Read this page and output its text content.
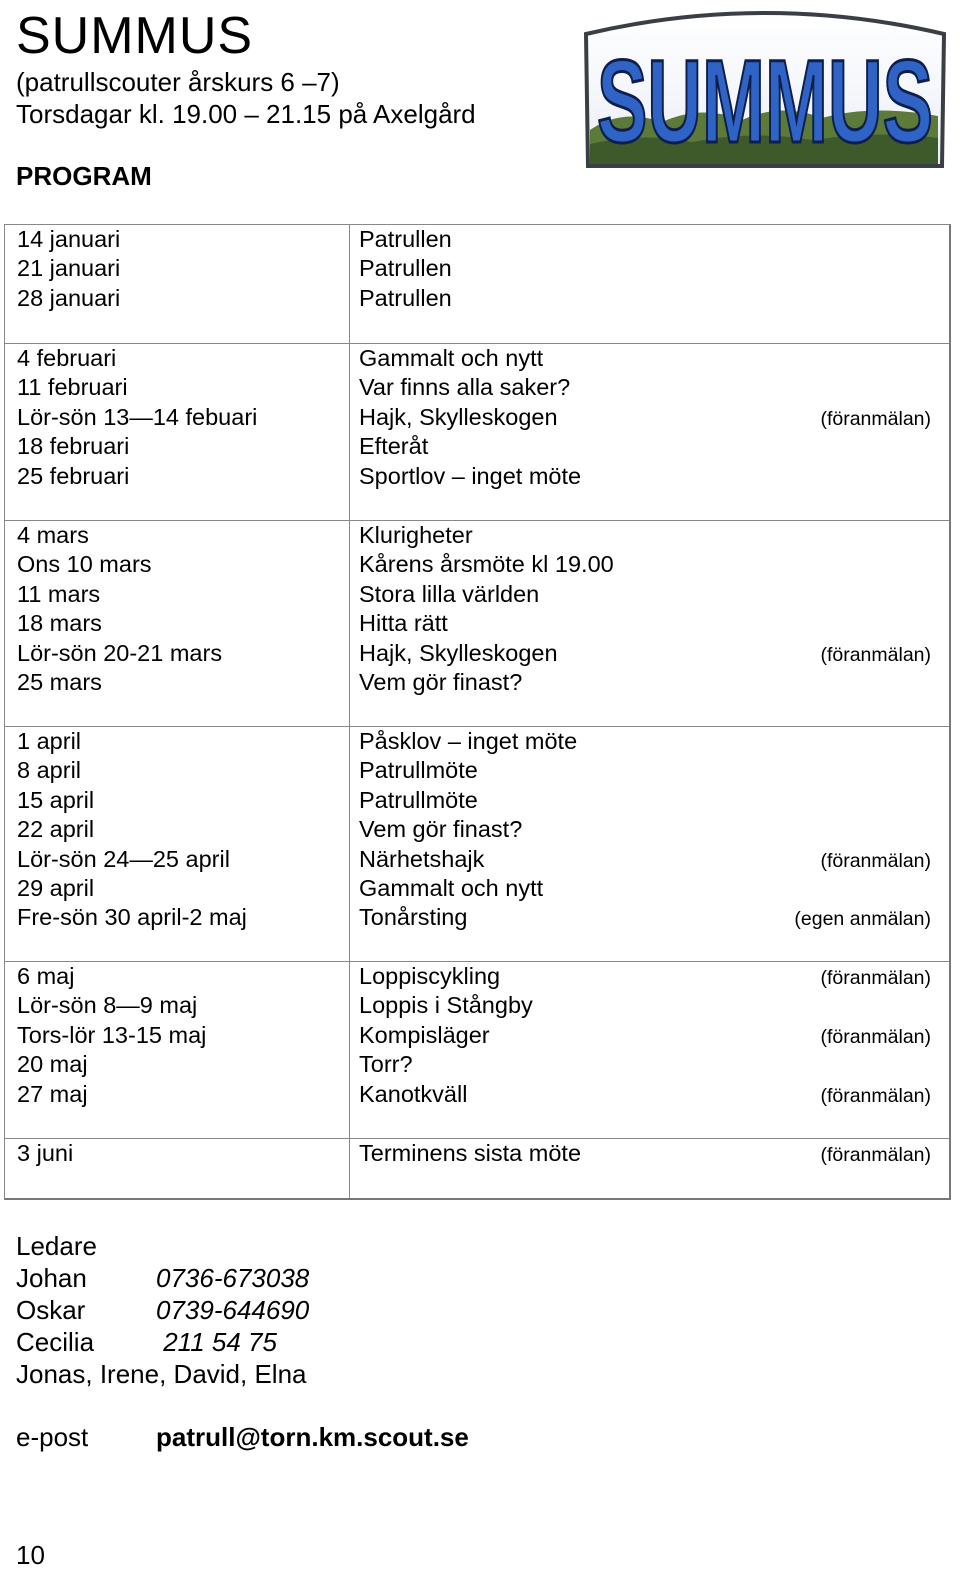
SUMMUS
(patrullscouter årskurs 6 –7)
Torsdagar kl. 19.00 – 21.15 på Axelgård
PROGRAM
SUMMUS
14 januari	Patrullen
21 januari	Patrullen
28 januari	Patrullen
4 februari	Gammalt och nytt
11 februari	Var finns alla saker?
Lör-sön 13—14 febuari	Hajk, Skylleskogen	(föranmälan)
18 februari	Efteråt
25 februari	Sportlov – inget möte
4 mars	Klurigheter
Ons 10 mars	Kårens årsmöte kl 19.00
11 mars	Stora lilla världen
18 mars	Hitta rätt
Lör-sön 20-21 mars	Hajk, Skylleskogen	(föranmälan)
25 mars	Vem gör finast?
1 april	Påsklov – inget möte
8 april	Patrullmöte
15 april	Patrullmöte
22 april	Vem gör finast?
Lör-sön 24—25 april	Närhetshajk	(föranmälan)
29 april	Gammalt och nytt
Fre-sön 30 april-2 maj	Tonårsting	(egen anmälan)
6 maj	Loppiscykling	(föranmälan)
Lör-sön 8—9 maj	Loppis i Stångby
Tors-lör 13-15 maj	Kompisläger	(föranmälan)
20 maj	Torr?
27 maj	Kanotkväll	(föranmälan)
3 juni	Terminens sista möte	(föranmälan)
Ledare
Johan	0736-673038
Oskar	0739-644690
Cecilia 211 54 75
Jonas, Irene, David, Elna
e-post	patrull@torn.km.scout.se
10
